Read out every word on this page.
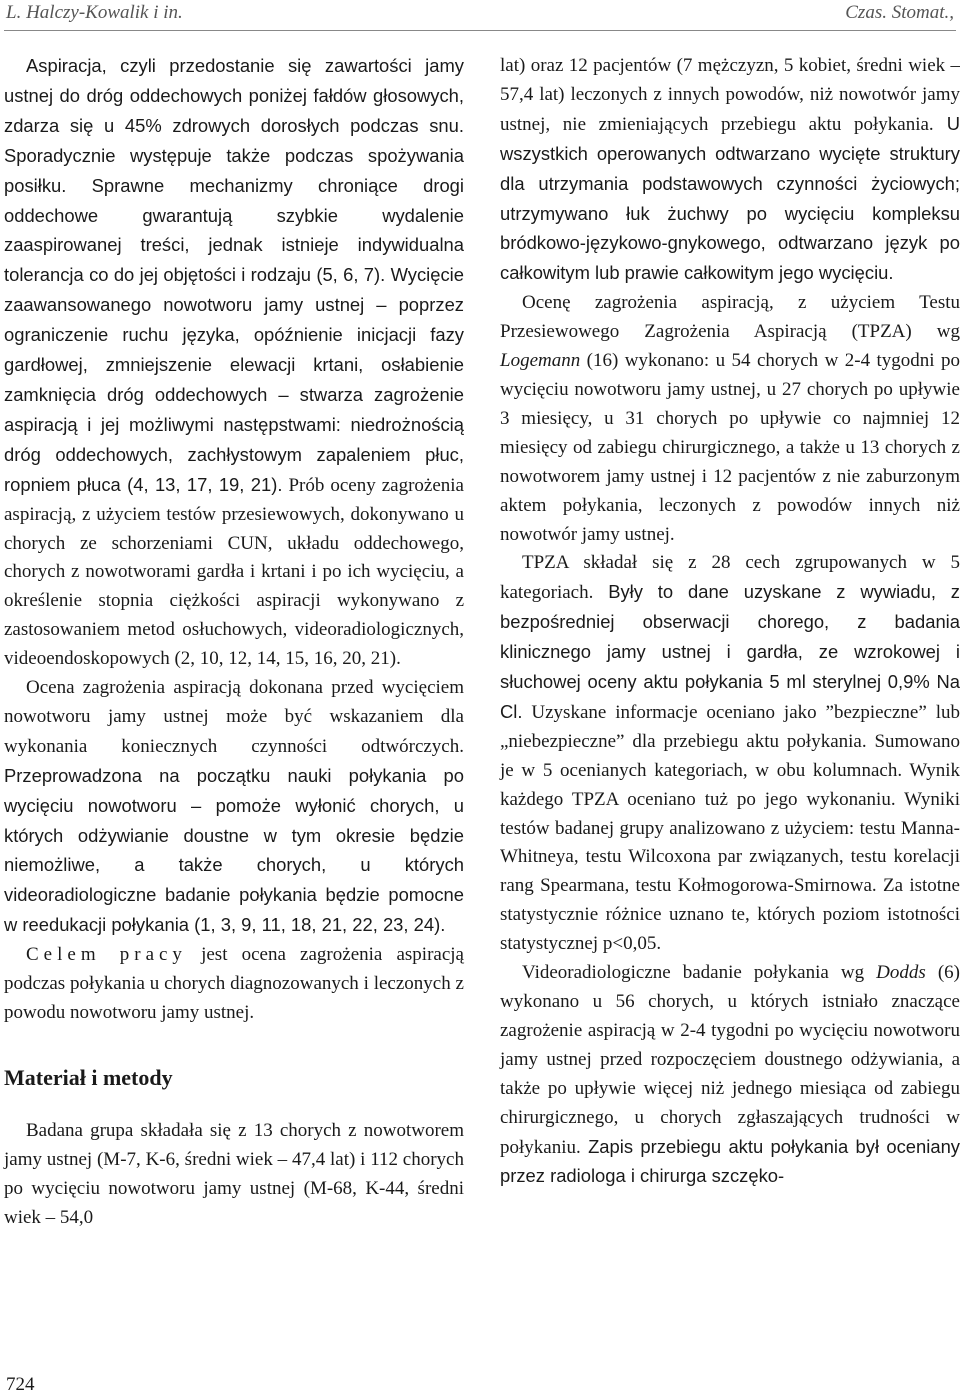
L. Halczy-Kowalik i in.	Czas. Stomat.,

Aspiracja, czyli przedostanie się zawartości jamy ustnej do dróg oddechowych poniżej fałdów głosowych, zdarza się u 45% zdrowych dorosłych podczas snu. Sporadycznie występuje także podczas spożywania posiłku. Sprawne mechanizmy chroniące drogi oddechowe gwarantują szybkie wydalenie zaaspirowanej treści, jednak istnieje indywidualna tolerancja co do jej objętości i rodzaju (5, 6, 7). Wycięcie zaawansowanego nowotworu jamy ustnej – poprzez ograniczenie ruchu języka, opóźnienie inicjacji fazy gardłowej, zmniejszenie elewacji krtani, osłabienie zamknięcia dróg oddechowych – stwarza zagrożenie aspiracją i jej możliwymi następstwami: niedrożnością dróg oddechowych, zachłystowym zapaleniem płuc, ropniem płuca (4, 13, 17, 19, 21). Prób oceny zagrożenia aspiracją, z użyciem testów przesiewowych, dokonywano u chorych ze schorzeniami CUN, układu oddechowego, chorych z nowotworami gardła i krtani i po ich wycięciu, a określenie stopnia ciężkości aspiracji wykonywano z zastosowaniem metod osłuchowych, videoradiologicznych, videoendoskopowych (2, 10, 12, 14, 15, 16, 20, 21).

Ocena zagrożenia aspiracją dokonana przed wycięciem nowotworu jamy ustnej może być wskazaniem dla wykonania koniecznych czynności odtwórczych. Przeprowadzona na początku nauki połykania po wycięciu nowotworu – pomoże wyłonić chorych, u których odżywianie doustne w tym okresie będzie niemożliwe, a także chorych, u których videoradiologiczne badanie połykania będzie pomocne w reedukacji połykania (1, 3, 9, 11, 18, 21, 22, 23, 24).

Celem pracy jest ocena zagrożenia aspiracją podczas połykania u chorych diagnozowanych i leczonych z powodu nowotworu jamy ustnej.

Materiał i metody

Badana grupa składała się z 13 chorych z nowotworem jamy ustnej (M-7, K-6, średni wiek – 47,4 lat) i 112 chorych po wycięciu nowotworu jamy ustnej (M-68, K-44, średni wiek – 54,0

lat) oraz 12 pacjentów (7 mężczyzn, 5 kobiet, średni wiek – 57,4 lat) leczonych z innych powodów, niż nowotwór jamy ustnej, nie zmieniających przebiegu aktu połykania. U wszystkich operowanych odtwarzano wycięte struktury dla utrzymania podstawowych czynności życiowych; utrzymywano łuk żuchwy po wycięciu kompleksu bródkowo-językowo-gnykowego, odtwarzano język po całkowitym lub prawie całkowitym jego wycięciu.

Ocenę zagrożenia aspiracją, z użyciem Testu Przesiewowego Zagrożenia Aspiracją (TPZA) wg Logemann (16) wykonano: u 54 chorych w 2-4 tygodni po wycięciu nowotworu jamy ustnej, u 27 chorych po upływie 3 miesięcy, u 31 chorych po upływie co najmniej 12 miesięcy od zabiegu chirurgicznego, a także u 13 chorych z nowotworem jamy ustnej i 12 pacjentów z nie zaburzonym aktem połykania, leczonych z powodów innych niż nowotwór jamy ustnej.

TPZA składał się z 28 cech zgrupowanych w 5 kategoriach. Były to dane uzyskane z wywiadu, z bezpośredniej obserwacji chorego, z badania klinicznego jamy ustnej i gardła, ze wzrokowej i słuchowej oceny aktu połykania 5 ml sterylnej 0,9% Na Cl. Uzyskane informacje oceniano jako ”bezpieczne” lub „niebezpieczne” dla przebiegu aktu połykania. Sumowano je w 5 ocenianych kategoriach, w obu kolumnach. Wynik każdego TPZA oceniano tuż po jego wykonaniu. Wyniki testów badanej grupy analizowano z użyciem: testu Manna-Whitneya, testu Wilcoxona par związanych, testu korelacji rang Spearmana, testu Kołmogorowa-Smirnowa. Za istotne statystycznie różnice uznano te, których poziom istotności statystycznej p<0,05.

Videoradiologiczne badanie połykania wg Dodds (6) wykonano u 56 chorych, u których istniało znaczące zagrożenie aspiracją w 2-4 tygodni po wycięciu nowotworu jamy ustnej przed rozpoczęciem doustnego odżywiania, a także po upływie więcej niż jednego miesiąca od zabiegu chirurgicznego, u chorych zgłaszających trudności w połykaniu. Zapis przebiegu aktu połykania był oceniany przez radiologa i chirurga szczęko-

724
